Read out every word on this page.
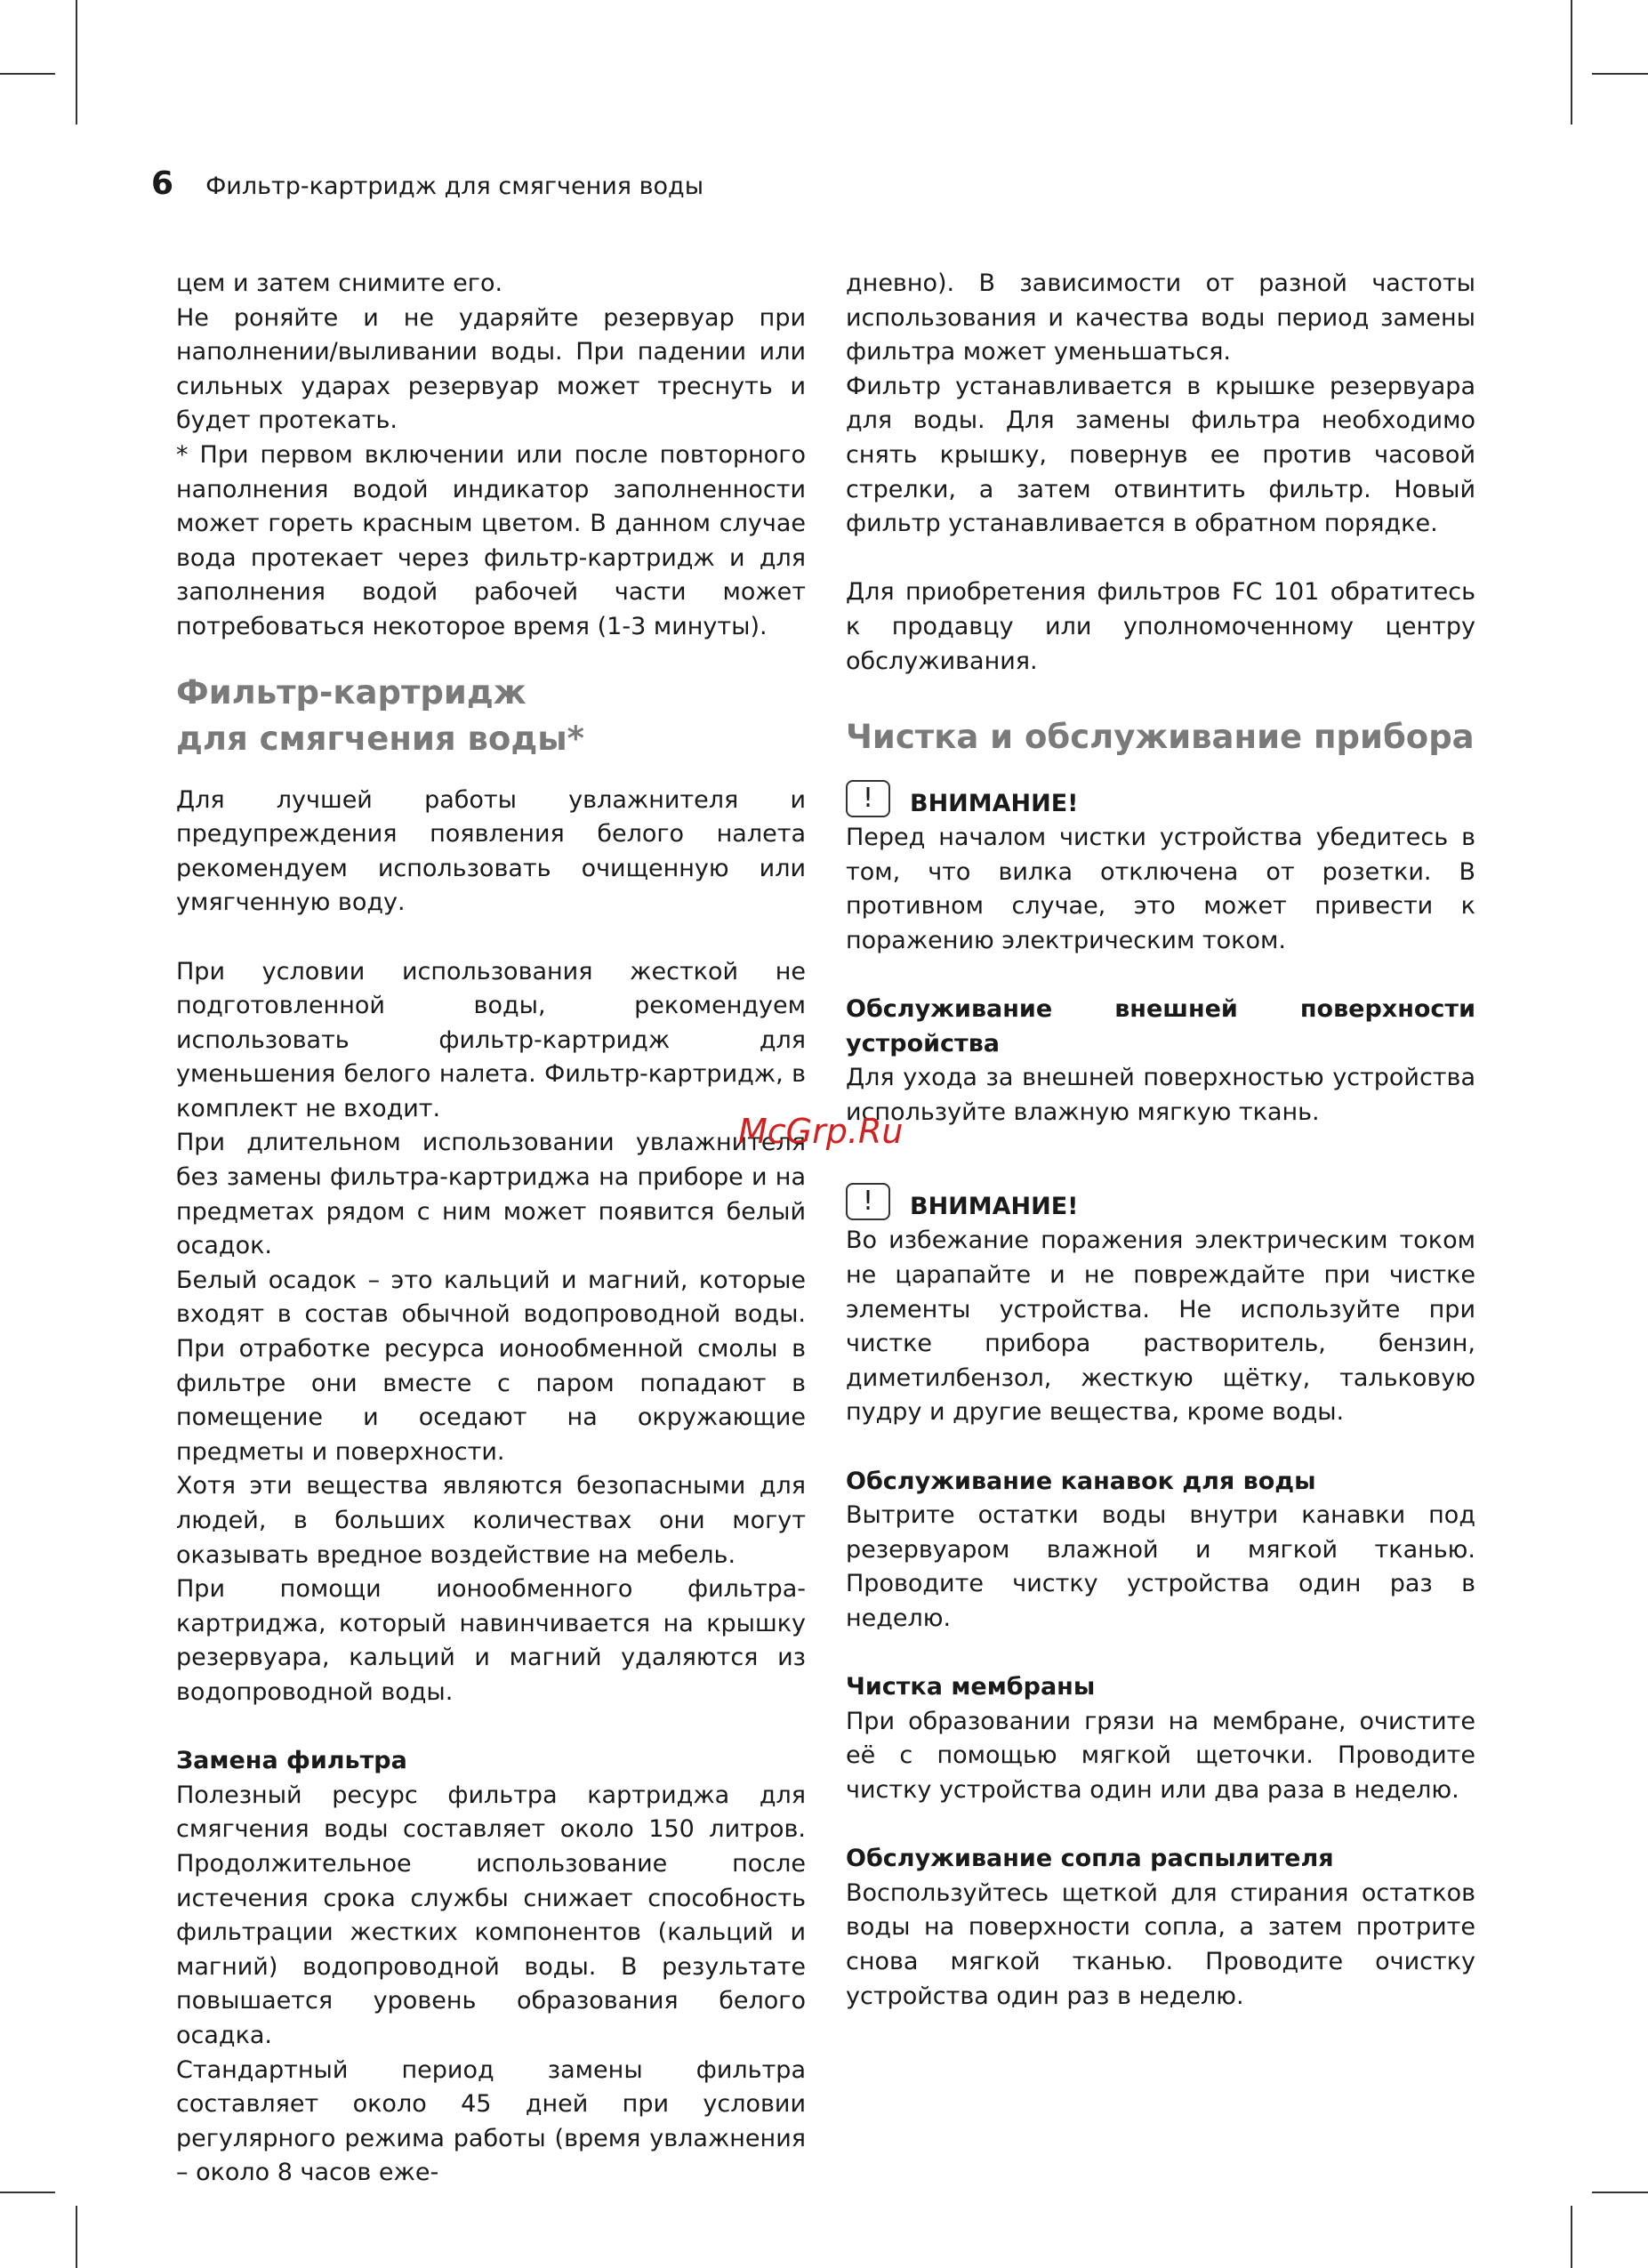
6 Фильтр-картридж для смягчения воды

цем и затем снимите его.

Не роняйте и не ударяйте резервуар при наполнении/выливании воды. При падении или сильных ударах резервуар может треснуть и будет протекать.

* При первом включении или после повторного наполнения водой индикатор заполненности может гореть красным цветом. В данном случае вода протекает через фильтр-картридж и для заполнения водой рабочей части может потребоваться некоторое время (1-3 минуты).

Фильтр-картридж
для смягчения воды*

Для лучшей работы увлажнителя и предупреждения появления белого налета рекомендуем использовать очищенную или умягченную воду.

При условии использования жесткой не подготовленной воды, рекомендуем использовать фильтр-картридж для уменьшения белого налета. Фильтр-картридж, в комплект не входит.

При длительном использовании увлажнителя без замены фильтра-картриджа на приборе и на предметах рядом с ним может появится белый осадок.

Белый осадок – это кальций и магний, которые входят в состав обычной водопроводной воды. При отработке ресурса ионообменной смолы в фильтре они вместе с паром попадают в помещение и оседают на окружающие предметы и поверхности.

Хотя эти вещества являются безопасными для людей, в больших количествах они могут оказывать вредное воздействие на мебель.

При помощи ионообменного фильтра-картриджа, который навинчивается на крышку резервуара, кальций и магний удаляются из водопроводной воды.

Замена фильтра

Полезный ресурс фильтра картриджа для смягчения воды составляет около 150 литров. Продолжительное использование после истечения срока службы снижает способность фильтрации жестких компонентов (кальций и магний) водопроводной воды. В результате повышается уровень образования белого осадка.

Стандартный период замены фильтра составляет около 45 дней при условии регулярного режима работы (время увлажнения – около 8 часов еже-

дневно). В зависимости от разной частоты использования и качества воды период замены фильтра может уменьшаться.

Фильтр устанавливается в крышке резервуара для воды. Для замены фильтра необходимо снять крышку, повернув ее против часовой стрелки, а затем отвинтить фильтр. Новый фильтр устанавливается в обратном порядке.

Для приобретения фильтров FC 101 обратитесь к продавцу или уполномоченному центру обслуживания.

Чистка и обслуживание прибора
!	ВНИМАНИЕ!

Перед началом чистки устройства убедитесь в том, что вилка отключена от розетки. В противном случае, это может привести к поражению электрическим током.

Обслуживание внешней поверхности устройства

Для ухода за внешней поверхностью устройства используйте влажную мягкую ткань.

!	ВНИМАНИЕ!

Во избежание поражения электрическим током не царапайте и не повреждайте при чистке элементы устройства. Не используйте при чистке прибора растворитель, бензин, диметилбензол, жесткую щётку, тальковую пудру и другие вещества, кроме воды.

Обслуживание канавок для воды

Вытрите остатки воды внутри канавки под резервуаром влажной и мягкой тканью. Проводите чистку устройства один раз в неделю.

Чистка мембраны

При образовании грязи на мембране, очистите её с помощью мягкой щеточки. Проводите чистку устройства один или два раза в неделю.

Обслуживание сопла распылителя

Воспользуйтесь щеткой для стирания остатков воды на поверхности сопла, а затем протрите снова мягкой тканью. Проводите очистку устройства один раз в неделю.

McGrp.Ru
